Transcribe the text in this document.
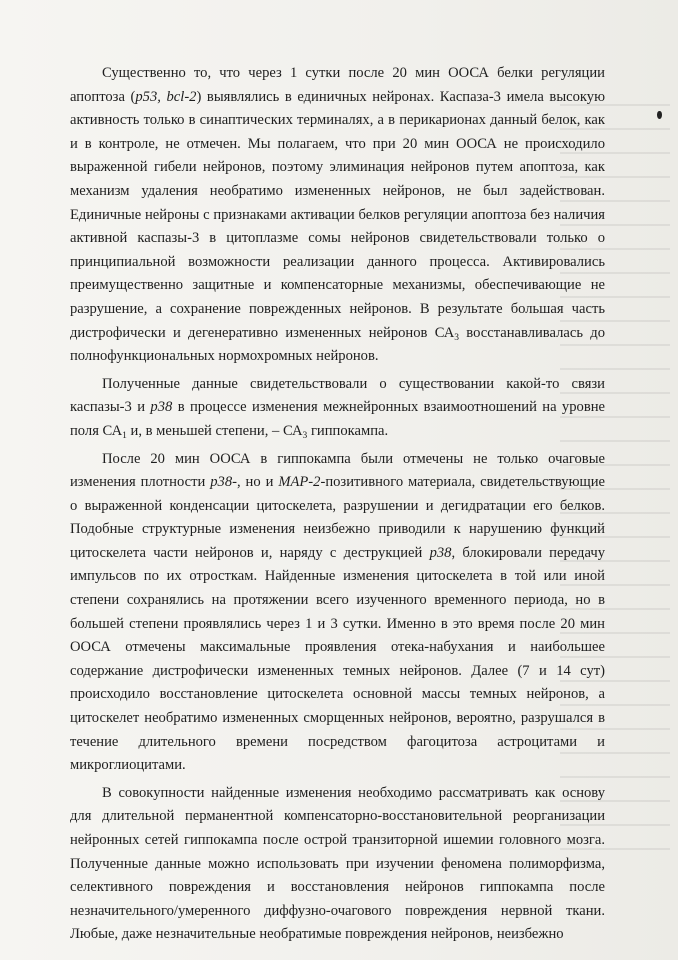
Существенно то, что через 1 сутки после 20 мин ООСА белки регуляции апоптоза (p53, bcl-2) выявлялись в единичных нейронах. Каспаза-3 имела высокую активность только в синаптических терминалях, а в перикарионах данный белок, как и в контроле, не отмечен. Мы полагаем, что при 20 мин ООСА не происходило выраженной гибели нейронов, поэтому элиминация нейронов путем апоптоза, как механизм удаления необратимо измененных нейронов, не был задействован. Единичные нейроны с признаками активации белков регуляции апоптоза без наличия активной каспазы-3 в цитоплазме сомы нейронов свидетельствовали только о принципиальной возможности реализации данного процесса. Активировались преимущественно защитные и компенсаторные механизмы, обеспечивающие не разрушение, а сохранение поврежденных нейронов. В результате большая часть дистрофически и дегенеративно измененных нейронов $СА_3$ восстанавливалась до полнофункциональных нормохромных нейронов.

Полученные данные свидетельствовали о существовании какой-то связи каспазы-3 и p38 в процессе изменения межнейронных взаимоотношений на уровне поля $СА_1$ и, в меньшей степени, – $СА_3$ гиппокампа.

После 20 мин ООСА в гиппокампа были отмечены не только очаговые изменения плотности p38-, но и MAP-2-позитивного материала, свидетельствующие о выраженной конденсации цитоскелета, разрушении и дегидратации его белков. Подобные структурные изменения неизбежно приводили к нарушению функций цитоскелета части нейронов и, наряду с деструкцией p38, блокировали передачу импульсов по их отросткам. Найденные изменения цитоскелета в той или иной степени сохранялись на протяжении всего изученного временного периода, но в большей степени проявлялись через 1 и 3 сутки. Именно в это время после 20 мин ООСА отмечены максимальные проявления отека-набухания и наибольшее содержание дистрофически измененных темных нейронов. Далее (7 и 14 сут) происходило восстановление цитоскелета основной массы темных нейронов, а цитоскелет необратимо измененных сморщенных нейронов, вероятно, разрушался в течение длительного времени посредством фагоцитоза астроцитами и микроглиоцитами.

В совокупности найденные изменения необходимо рассматривать как основу для длительной перманентной компенсаторно-восстановительной реорганизации нейронных сетей гиппокампа после острой транзиторной ишемии головного мозга. Полученные данные можно использовать при изучении феномена полиморфизма, селективного повреждения и восстановления нейронов гиппокампа после незначительного/умеренного диффузно-очагового повреждения нервной ткани. Любые, даже незначительные необратимые повреждения нейронов, неизбежно
